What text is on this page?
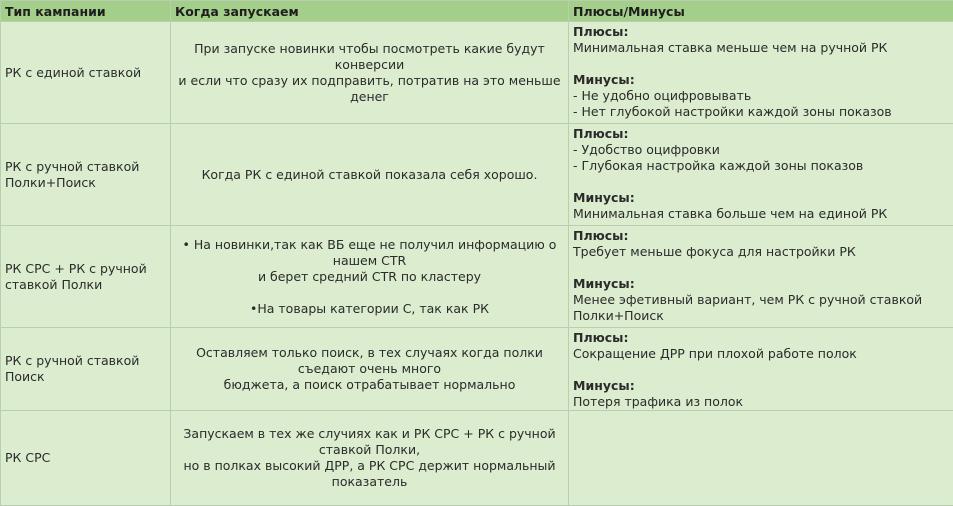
Тип кампании	Когда запускаем	Плюсы/Минусы

РК с единой ставкой	При запуске новинки чтобы посмотреть какие будут конверсии
и если что сразу их подправить, потратив на это меньше денег	Плюсы:
Минимальная ставка меньше чем на ручной РК
Минусы:
- Не удобно оцифровывать
- Нет глубокой настройки каждой зоны показов

РК с ручной ставкой
Полки+Поиск	Когда РК с единой ставкой показала себя хорошо.	Плюсы:
- Удобство оцифровки
- Глубокая настройка каждой зоны показов
Минусы:
Минимальная ставка больше чем на единой РК

РК CPC + РК с ручной
ставкой Полки	• На новинки,так как ВБ еще не получил информацию о нашем CTR
и берет средний CTR по кластеру
•На товары категории С, так как РК	Плюсы:
Требует меньше фокуса для настройки РК
Минусы:
Менее эфетивный вариант, чем РК с ручной ставкой Полки+Поиск

РК с ручной ставкой
Поиск	Оставляем только поиск, в тех случаях когда полки съедают очень много
бюджета, а поиск отрабатывает нормально	Плюсы:
Сокращение ДРР при плохой работе полок
Минусы:
Потеря трафика из полок

РК CPC	Запускаем в тех же случиях как и РК CPC + РК с ручной ставкой Полки,
но в полках высокий ДРР, а РК CPC держит нормальный показатель	
